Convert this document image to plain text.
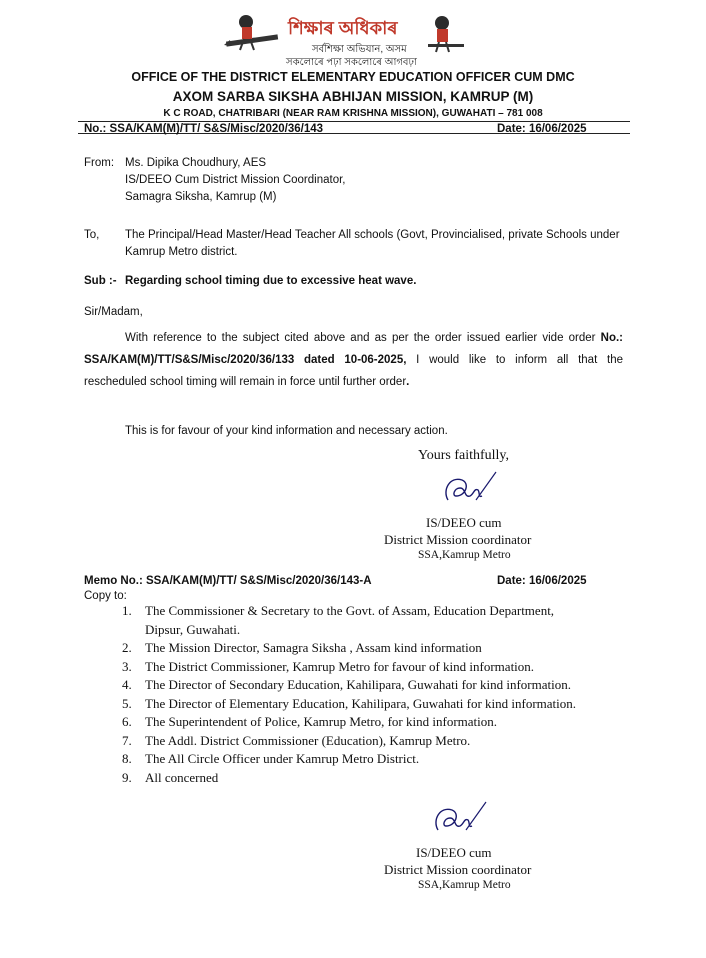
শিক্ষাৰ অধিকাৰ
সৰ্বশিক্ষা অভিযান, অসম
সকলোৰে পঢ়া সকলোৰে আগবঢ়া
OFFICE OF THE DISTRICT ELEMENTARY EDUCATION OFFICER CUM DMC
AXOM SARBA SIKSHA ABHIJAN MISSION, KAMRUP (M)
K C ROAD, CHATRIBARI (NEAR RAM KRISHNA MISSION), GUWAHATI – 781 008
No.: SSA/KAM(M)/TT/ S&S/Misc/2020/36/143	Date: 16/06/2025
From: Ms. Dipika Choudhury, AES
IS/DEEO Cum District Mission Coordinator,
Samagra Siksha, Kamrup (M)
To, The Principal/Head Master/Head Teacher All schools (Govt, Provincialised, private Schools under
Kamrup Metro district.
Sub :- Regarding school timing due to excessive heat wave.
Sir/Madam,
With reference to the subject cited above and as per the order issued earlier vide order No.:
SSA/KAM(M)/TT/S&S/Misc/2020/36/133 dated 10-06-2025, I would like to inform all that the
rescheduled school timing will remain in force until further order.
This is for favour of your kind information and necessary action.
Yours faithfully,
IS/DEEO cum
District Mission coordinator
SSA,Kamrup Metro
Memo No.: SSA/KAM(M)/TT/ S&S/Misc/2020/36/143-A	Date: 16/06/2025
Copy to:
1. The Commissioner & Secretary to the Govt. of Assam, Education Department,
Dipsur, Guwahati.
2. The Mission Director, Samagra Siksha , Assam kind information
3. The District Commissioner, Kamrup Metro for favour of kind information.
4. The Director of Secondary Education, Kahilipara, Guwahati for kind information.
5. The Director of Elementary Education, Kahilipara, Guwahati for kind information.
6. The Superintendent of Police, Kamrup Metro, for kind information.
7. The Addl. District Commissioner (Education), Kamrup Metro.
8. The All Circle Officer under Kamrup Metro District.
9. All concerned
IS/DEEO cum
District Mission coordinator
SSA,Kamrup Metro
